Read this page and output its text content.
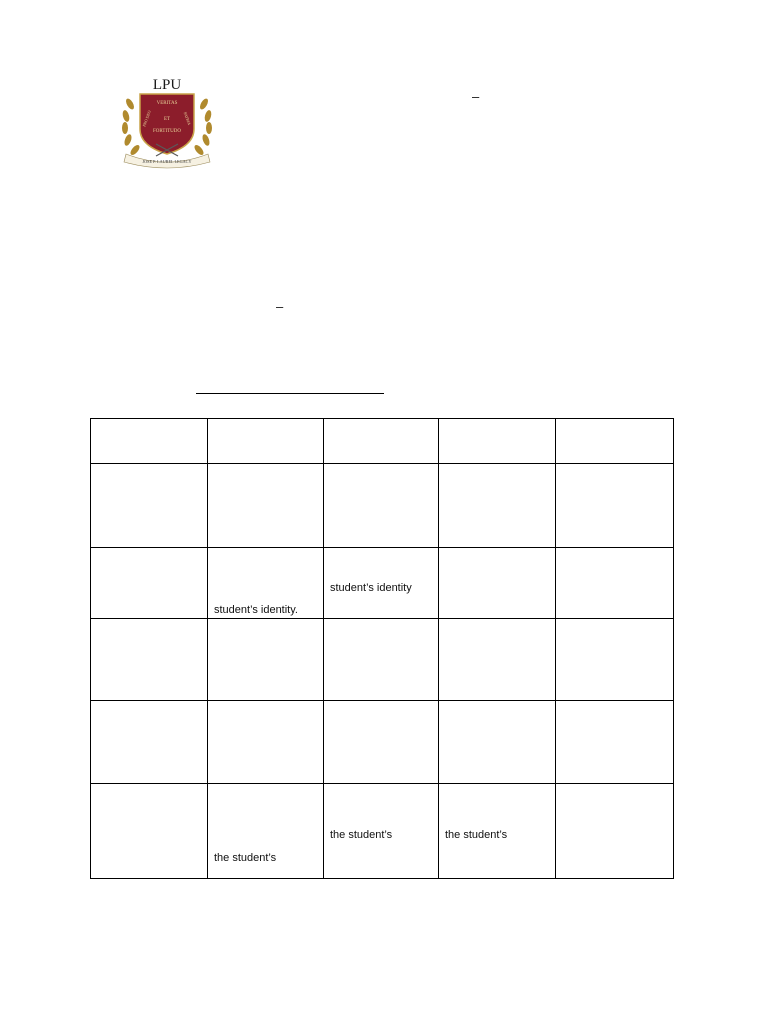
LPU
VERITAS
PRO DEO	PATRIA
ET
FORTITUDO
JOSE P. LAUREL LEGACY
–
–

	student’s identity.	student’s identity		

	the student’s	the student’s	the student’s	
